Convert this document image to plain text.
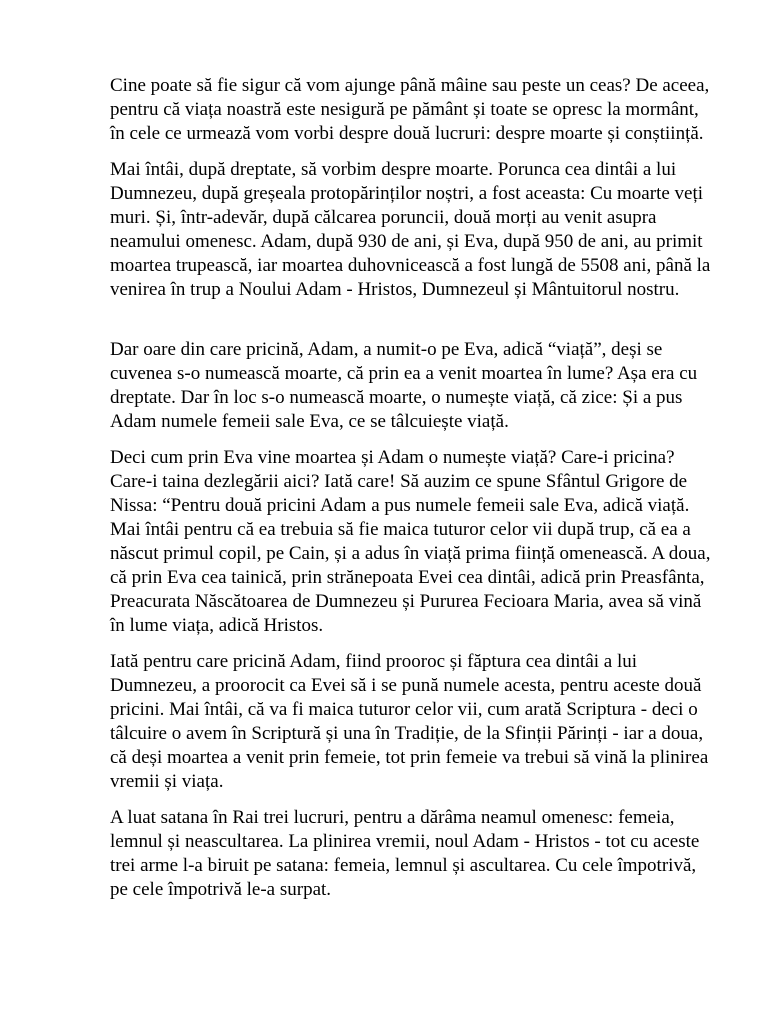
Cine poate să fie sigur că vom ajunge până mâine sau peste un ceas? De aceea, pentru că viața noastră este nesigură pe pământ și toate se opresc la mormânt, în cele ce urmează vom vorbi despre două lucruri: despre moarte și conștiință.

Mai întâi, după dreptate, să vorbim despre moarte. Porunca cea dintâi a lui Dumnezeu, după greșeala protopărinților noștri, a fost aceasta: Cu moarte veți muri. Și, într-adevăr, după călcarea poruncii, două morți au venit asupra neamului omenesc. Adam, după 930 de ani, și Eva, după 950 de ani, au primit moartea trupească, iar moartea duhovnicească a fost lungă de 5508 ani, până la venirea în trup a Noului Adam - Hristos, Dumnezeul și Mântuitorul nostru.

Dar oare din care pricină, Adam, a numit-o pe Eva, adică “viață”, deși se cuvenea s-o numească moarte, că prin ea a venit moartea în lume? Așa era cu dreptate. Dar în loc s-o numească moarte, o numește viață, că zice: Și a pus Adam numele femeii sale Eva, ce se tâlcuiește viață.

Deci cum prin Eva vine moartea și Adam o numește viață? Care-i pricina? Care-i taina dezlegării aici? Iată care! Să auzim ce spune Sfântul Grigore de Nissa: “Pentru două pricini Adam a pus numele femeii sale Eva, adică viață. Mai întâi pentru că ea trebuia să fie maica tuturor celor vii după trup, că ea a născut primul copil, pe Cain, și a adus în viață prima ființă omenească. A doua, că prin Eva cea tainică, prin strănepoata Evei cea dintâi, adică prin Preasfânta, Preacurata Născătoarea de Dumnezeu și Pururea Fecioara Maria, avea să vină în lume viața, adică Hristos.

Iată pentru care pricină Adam, fiind prooroc și făptura cea dintâi a lui Dumnezeu, a proorocit ca Evei să i se pună numele acesta, pentru aceste două pricini. Mai întâi, că va fi maica tuturor celor vii, cum arată Scriptura - deci o tâlcuire o avem în Scriptură și una în Tradiție, de la Sfinții Părinți - iar a doua, că deși moartea a venit prin femeie, tot prin femeie va trebui să vină la plinirea vremii și viața.

A luat satana în Rai trei lucruri, pentru a dărâma neamul omenesc: femeia, lemnul și neascultarea. La plinirea vremii, noul Adam - Hristos - tot cu aceste trei arme l-a biruit pe satana: femeia, lemnul și ascultarea. Cu cele împotrivă, pe cele împotrivă le-a surpat.
